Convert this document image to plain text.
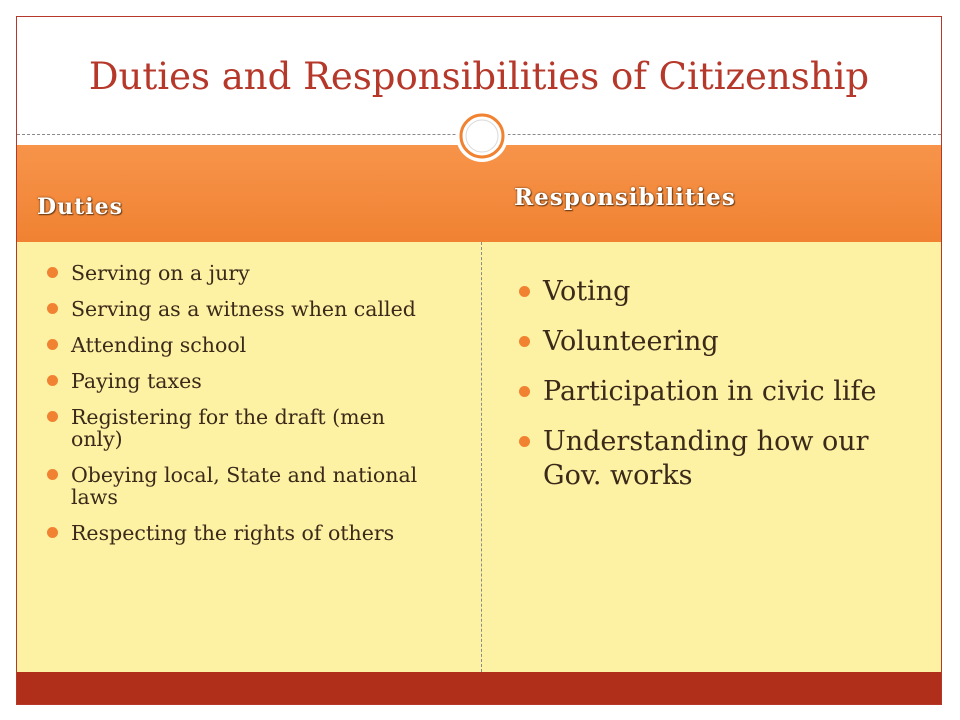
Duties and Responsibilities of Citizenship
Duties	Responsibilities
Serving on a jury
Serving as a witness when called
Attending school
Paying taxes
Registering for the draft (men only)
Obeying local, State and national laws
Respecting the rights of others
Voting
Volunteering
Participation in civic life
Understanding how our Gov. works
